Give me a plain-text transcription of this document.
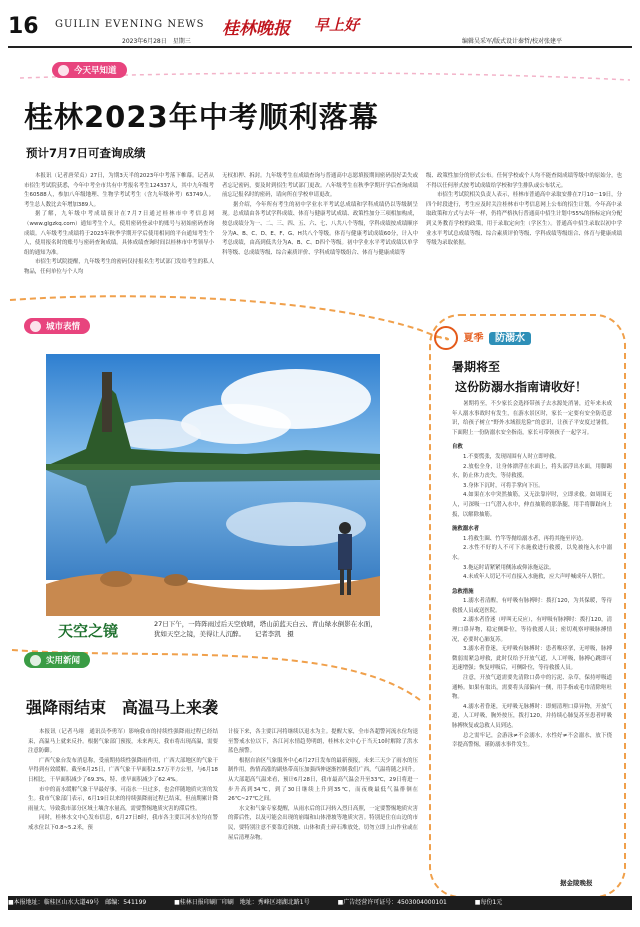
16 GUILIN EVENING NEWS 桂林晚报 早上好
2023年6月28日　星期三	编辑吴采军/版式设计秦哲/校对张建平
今天早知道
桂林2023年中考顺利落幕
预计7月7日可查询成绩

本报讯（记者唐荣贞）27日，为期3天半的2023年中考落下帷幕。记者从市招生考试院获悉，今年中考全市共有中考报名考生124337人，其中九年级考生60588人，参加八年级地理、生物学考试考生（含九年级补考）63749人。考生总人数比去年增加389人。

据了解，九年级中考成绩预计在7月7日通过桂林市中考信息网（www.glgzkq.com）通知考生个人，使用密码登录中的账号与初始密码查询成绩。八年级考生成绩将于2023年秋季学期开学后使用相同的平台通知考生个人，使用报名时的账号与密码查询成绩。具体成绩查询时间以桂林市中考领导小组的通知为准。

市招生考试院提醒，九年级考生的密码仅持报名生考试部门发给考生的私人物品，任何单位与个人均

无权扣押、拆封。九年级考生在成绩查询与普通高中志愿填报期间密码很好丢失或者忘记密码，要及时到招生考试部门更改。八年级考生在秋季学期开学后查询成绩前忘记报名时的密码，请向所在学校申请更改。

据介绍，今年所有考生的初中学业水平考试总成绩和学科成绩仍以等级制呈现。总成绩由各考试学科成绩、体育与健康考试成绩、政策性加分三项相加构成，按总成绩分为一、二、三、四、五、六、七、八共八个等级，学科成绩按成绩顺序分为A、B、C、D、E、F、G、H共八个等级。体育与健康考试成绩60分，计入中考总成绩，由高到低共分为A、B、C、D四个等级。初中学业水平考试成绩以单学科等级、总成绩等级、综合素质评价、学科成绩等级组合、体育与健康成绩等

级、政策性加分的形式公布。任何学校或个人均不能查阅成绩等级中的原始分，也不得以任何形式按考试成绩给学校和学生排队或公布状元。

市招生考试院相关负责人表示，桂林市普通高中录取安排在7月10－19日，分四个时段进行，考生应及时关注桂林市中考信息网上公布的招生计划。今年高中录取政策和方式与去年一样，仍将严格执行普通高中招生计划中55%的指标定向分配到义务教育学校的政策，用于录取定向生（学区生）。普通高中招生录取以初中学业水平考试总成绩等级、综合素质评价等级、学科成绩等级组合、体育与健康成绩等级为录取依据。

城市表情
天空之镜	27日下午，一阵阵雨过后天空放晴，塔山前蓝天白云、青山绿水倒影在水面，犹如天空之镜，美得让人沉醉。　　记者李凯　摄
实用新闻
强降雨结束　高温马上来袭

本报讯（记者马翊　通讯员李勇军）影响我市的持续性强降雨过程已经结束，高温马上就来反扑。根据气象部门预报，未来两天，我市将出现高温，需要注意防御。

广西气象台发布消息称，受前期持续性强降雨作用，广西大部地区的气象干旱得到有效缓解。截至6月25日，广西气象干旱面积2.57万平方公里，与6月18日相比，干旱面积减少了69.3%，特、重旱面积减少了62.4%。

市中的南水缓解气象干旱最好事，可南水一旦过多，也会伴随地质灾害的发生。我市气象部门表示，6月19日以来的持续强降雨过程已结束，但前期累计降雨量大，导致我市部分区域土壤含水量高，需要警惕地质灾害的滞后性。

同时，桂林水文中心发布信息，6月27日8时，我市各主要江河水位均在警戒水位以下0.8~5.2米，预

计接下来，各主要江河将继续以退水为主。提醒大家，全市各超警河流水位均退至警戒水位以下，各江河水情趋势明朗，桂林水文中心于当天10时解除了洪水蓝色预警。

根据自治区气象服务中心6月27日发布的最新预报，未来三天少了雨水的压制作用，热情高涨的副热带高压加强西伸逐渐控制我们广西，气温将随之回升。从大部超高气温来看，预计6月28日，我市最高气温会升至33℃，29日将进一步升高到34℃，到了30日继续上升到35℃，而夜晚最低气温徘徊在26℃~27℃之间。

水文和气象专家提醒，从雨水后的江河转入烈日高照，一定要警惕地质灾害的滞后性，以及可能会出现的崩塌和山体滑坡等地质灾害。特别是住在山边的市民，要特别注意不要靠近斜坡、山体和黄土碎石堆放处，切勿立即上山作业或在屋后清理杂物。

夏季 防溺水
暑期将至
这份防溺水指南请收好！

暑期将至，不少家长会选择带孩子去水源处消暑，近年来未成年人溺水事故时有发生，在游水景区时，家长一定要有安全防范意识，给孩子树立“野外水域很危险”的意识，让孩子平安度过暑假。下面附上一份防溺水安全指南，家长可带领孩子一起学习。

自救

1.不要慌张，发现周围有人时立即呼救。

2.放松全身，让身体漂浮在水面上，将头部浮出水面，用脚踢水，防止体力丧失，等待救援。

3.身体下沉时，可将手掌向下压。

4.如果在水中突然抽筋，又无法靠岸时，立即求救。如周围无人，可深吸一口气潜入水中，伸直抽筋的那条腿，用手将脚趾向上扳，以解除抽筋。

施救溺水者

1.将救生圈、竹竿等抛给溺水者，再将其拖至岸边。

2.水性不好的人不可下水施救进行救援，以免被拖入水中溺水。

3.拖运时请紧紧用侧泳或仰泳拖运法。

4.未成年人切记不可直接入水施救，应大声呼喊成年人帮忙。

急救措施

1.溺水者清醒，有呼吸有脉搏时：拨打120，为其保暖，等待救援人员或送医院。

2.溺水者昏迷（呼叫无反应），有呼吸有脉搏时：拨打120，清理口鼻异物，稳定侧卧位，等待救援人员；密切观察呼吸脉搏情况，必要时心肺复苏。

3.溺水者昏迷，无呼吸有脉搏时：患者喉痉挛，无呼吸，脉搏微弱需紧急呼救，此时仅给予开放气道，人工呼吸，脉搏心跳即可迅速增强；恢复呼吸后，可侧卧位，等待救援人员。

注意，开放气道需要先清除口鼻中的污泥、杂草，保持呼吸道通畅。如果有取出，需要将头部偏向一侧，用手指或毛巾清除呕吐物。

4.溺水者昏迷，无呼吸无脉搏时：即刻清理口鼻异物，开放气道，人工呼吸，胸外按压，拨打120，并持续心肺复苏至患者呼吸脉搏恢复或急救人员到达。

总之需牢记，会游泳≠不会溺水，水性好≠不会溺水，放下侥幸提高警惕，谨防溺水事件发生。

据金陵晚报
■本报地址：临桂区山水大道49号　邮编：541199	■桂林日报印刷厂印刷　地址：秀峰区翊湖北路1号	■广告经营许可证号：4503004000101	■每份1元
